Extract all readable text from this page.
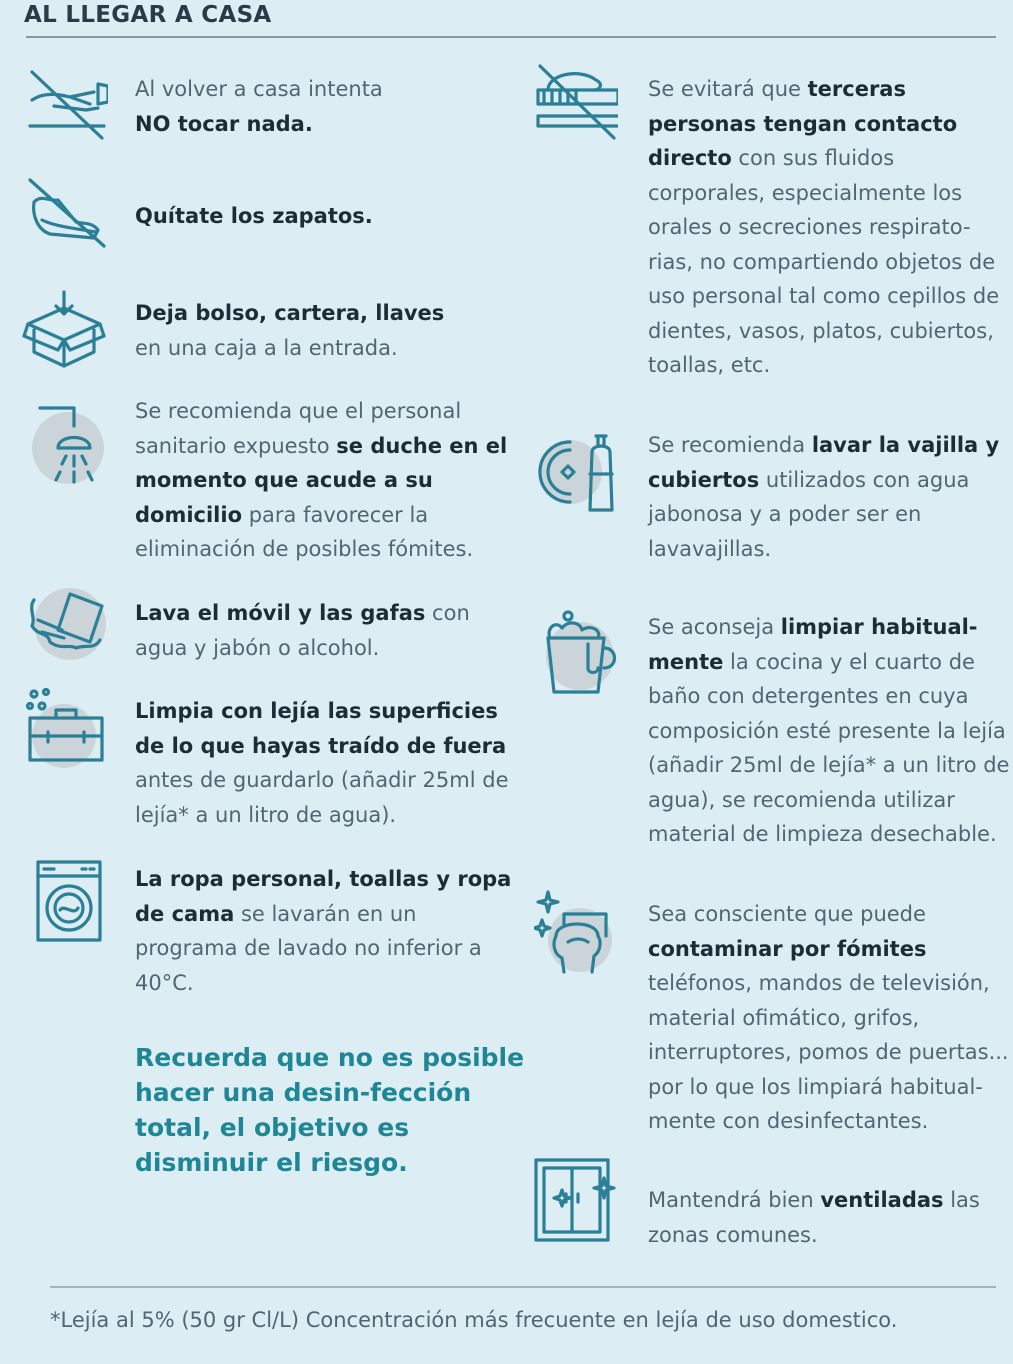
AL LLEGAR A CASA
Al volver a casa intenta
NO tocar nada.
Quítate los zapatos.
Deja bolso, cartera, llaves
en una caja a la entrada.
Se recomienda que el personal sanitario expuesto se duche en el momento que acude a su domicilio para favorecer la eliminación de posibles fómites.
Lava el móvil y las gafas con agua y jabón o alcohol.
Limpia con lejía las superficies de lo que hayas traído de fuera antes de guardarlo (añadir 25ml de lejía* a un litro de agua).
La ropa personal, toallas y ropa de cama se lavarán en un programa de lavado no inferior a 40°C.
Recuerda que no es posible hacer una desin-fección total, el objetivo es disminuir el riesgo.
Se evitará que terceras personas tengan contacto directo con sus fluidos corporales, especialmente los orales o secreciones respirato-rias, no compartiendo objetos de uso personal tal como cepillos de dientes, vasos, platos, cubiertos, toallas, etc.
Se recomienda lavar la vajilla y cubiertos utilizados con agua jabonosa y a poder ser en lavavajillas.
Se aconseja limpiar habitual-mente la cocina y el cuarto de baño con detergentes en cuya composición esté presente la lejía (añadir 25ml de lejía* a un litro de agua), se recomienda utilizar material de limpieza desechable.
Sea consciente que puede contaminar por fómites teléfonos, mandos de televisión, material ofimático, grifos, interruptores, pomos de puertas... por lo que los limpiará habitual-mente con desinfectantes.
Mantendrá bien ventiladas las zonas comunes.
*Lejía al 5% (50 gr Cl/L) Concentración más frecuente en lejía de uso domestico.
